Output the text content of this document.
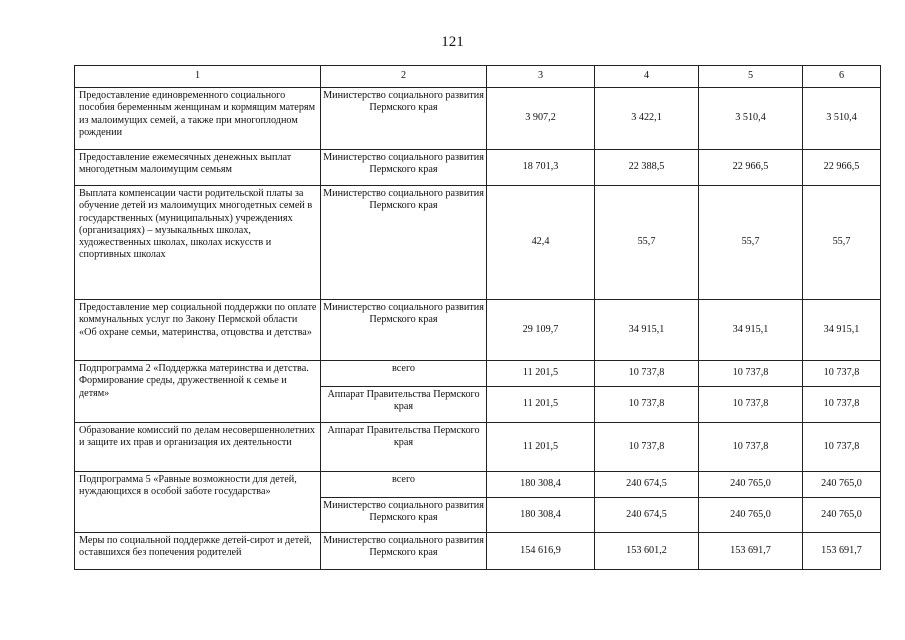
121
1	2	3	4	5	6
Предоставление единовременного социального пособия беременным женщинам и кормящим матерям из малоимущих семей, а также при многоплодном рождении	Министерство социального развития Пермского края	3 907,2	3 422,1	3 510,4	3 510,4
Предоставление ежемесячных денежных выплат многодетным малоимущим семьям	Министерство социального развития Пермского края	18 701,3	22 388,5	22 966,5	22 966,5
Выплата компенсации части родительской платы за обучение детей из малоимущих многодетных семей в государственных (муниципальных) учреждениях (организациях) – музыкальных школах, художественных школах, школах искусств и спортивных школах	Министерство социального развития Пермского края	42,4	55,7	55,7	55,7
Предоставление мер социальной поддержки по оплате коммунальных услуг по Закону Пермской области «Об охране семьи, материнства, отцовства и детства»	Министерство социального развития Пермского края	29 109,7	34 915,1	34 915,1	34 915,1
Подпрограмма 2 «Поддержка материнства и детства. Формирование среды, дружественной к семье и детям»	всего	11 201,5	10 737,8	10 737,8	10 737,8
	Аппарат Правительства Пермского края	11 201,5	10 737,8	10 737,8	10 737,8
Образование комиссий по делам несовершеннолетних и защите их прав и организация их деятельности	Аппарат Правительства Пермского края	11 201,5	10 737,8	10 737,8	10 737,8
Подпрограмма 5 «Равные возможности для детей, нуждающихся в особой заботе государства»	всего	180 308,4	240 674,5	240 765,0	240 765,0
	Министерство социального развития Пермского края	180 308,4	240 674,5	240 765,0	240 765,0
Меры по социальной поддержке детей-сирот и детей, оставшихся без попечения родителей	Министерство социального развития Пермского края	154 616,9	153 601,2	153 691,7	153 691,7
